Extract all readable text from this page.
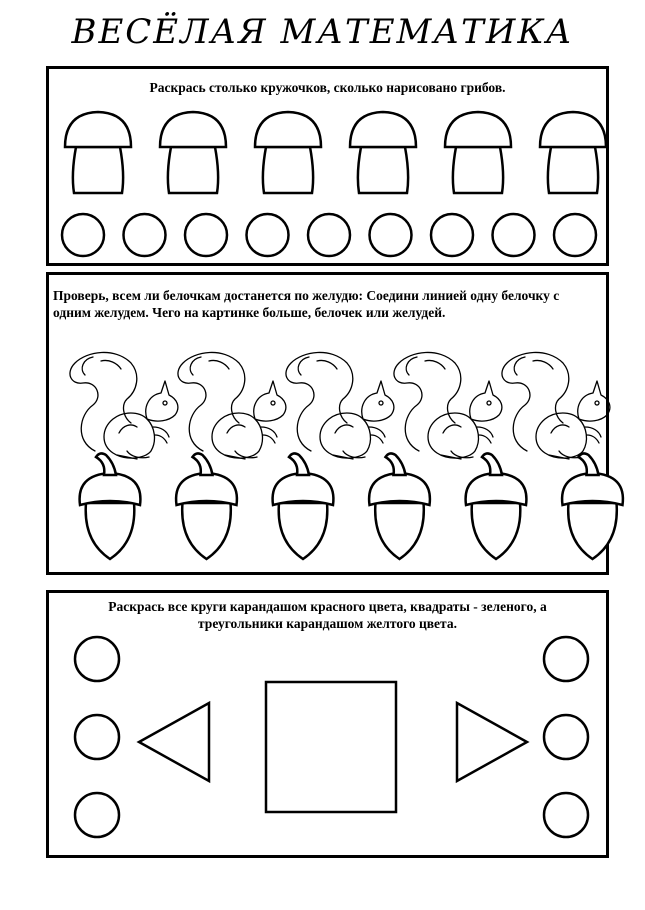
ВЕСЁЛАЯ МАТЕМАТИКА
Раскрась столько кружочков, сколько нарисовано грибов.
Проверь, всем ли белочкам достанется по желудю: Соедини линией одну белочку с
одним желудем. Чего на картинке больше, белочек или желудей.
Раскрась все круги карандашом красного цвета, квадраты - зеленого, а
треугольники карандашом желтого цвета.
